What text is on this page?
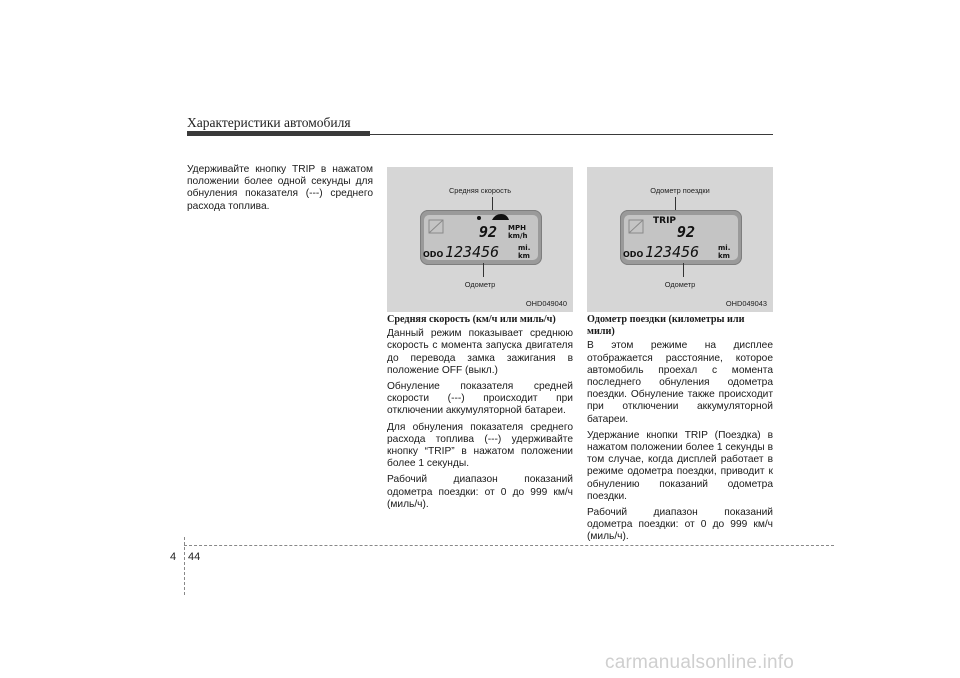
Характеристики автомобиля

Удерживайте кнопку TRIP в нажатом положении более одной секунды для обнуления показателя (---) среднего расхода топлива.

Средняя скорость
92 MPH
km/h
ODO 123456	mi.
km
Одометр
OHD049040
Одометр поездки
TRIP
92
ODO 123456	mi.
km
Одометр
OHD049043
Средняя скорость (км/ч или миль/ч)

Данный режим показывает среднюю скорость с момента запуска двигателя до перевода замка зажигания в положение OFF (выкл.)

Обнуление показателя средней скорости (---) происходит при отключении аккумуляторной батареи.

Для обнуления показателя среднего расхода топлива (---) удерживайте кнопку “TRIP” в нажатом положении более 1 секунды.

Рабочий диапазон показаний одометра поездки: от 0 до 999 км/ч (миль/ч).

Одометр поездки (километры или мили)

В этом режиме на дисплее отображается расстояние, которое автомобиль проехал с момента последнего обнуления одометра поездки. Обнуление также происходит при отключении аккумуляторной батареи.

Удержание кнопки TRIP (Поездка) в нажатом положении более 1 секунды в том случае, когда дисплей работает в режиме одометра поездки, приводит к обнулению показаний одометра поездки.

Рабочий диапазон показаний одометра поездки: от 0 до 999 км/ч (миль/ч).

4 44
carmanualsonline.info
